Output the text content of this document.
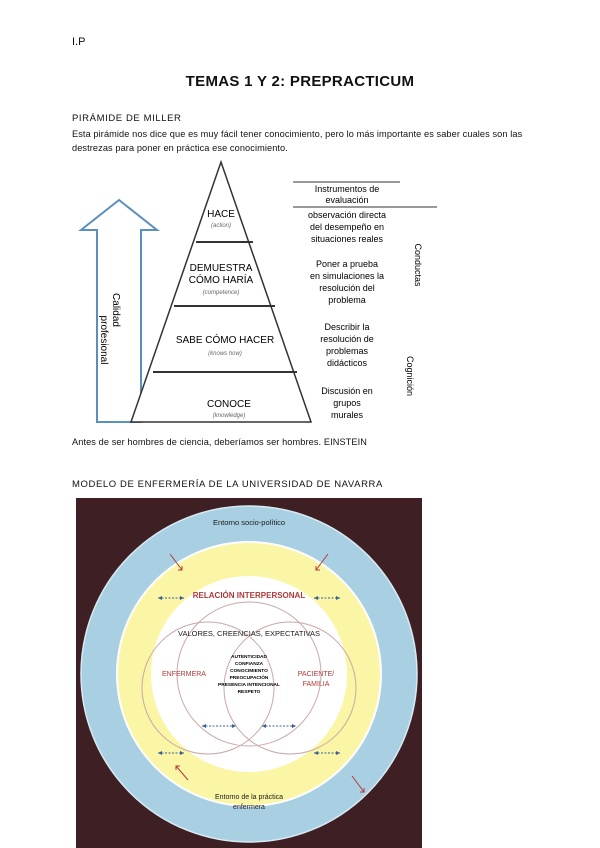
I.P
TEMAS 1 Y 2: PREPRACTICUM
PIRÁMIDE DE MILLER
Esta pirámide nos dice que es muy fácil tener conocimiento, pero lo más importante es saber cuales son las destrezas para poner en práctica ese conocimiento.
Calidad
profesional
HACE
(action)
DEMUESTRA
CÓMO HARÍA
(competence)
SABE CÓMO HACER
(knows how)
CONOCE
(knowledge)
Instrumentos de
evaluación
observación directa
del desempeño en
situaciones reales
Poner a prueba
en simulaciones la
resolución del
problema
Describir la
resolución de
problemas
didácticos
Discusión en
grupos
murales
Conductas
Cognición
Antes de ser hombres de ciencia, deberíamos ser hombres. EINSTEIN
MODELO DE ENFERMERÍA DE LA UNIVERSIDAD DE NAVARRA
Entorno socio-político
RELACIÓN INTERPERSONAL
VALORES, CREENCIAS, EXPECTATIVAS
ENFERMERA	PACIENTE/
FAMILIA
AUTENTICIDAD
CONFIANZA
CONOCIMIENTO
PREOCUPACIÓN
PRESENCIA INTENCIONAL
RESPETO
Entorno de la práctica
enfermera
